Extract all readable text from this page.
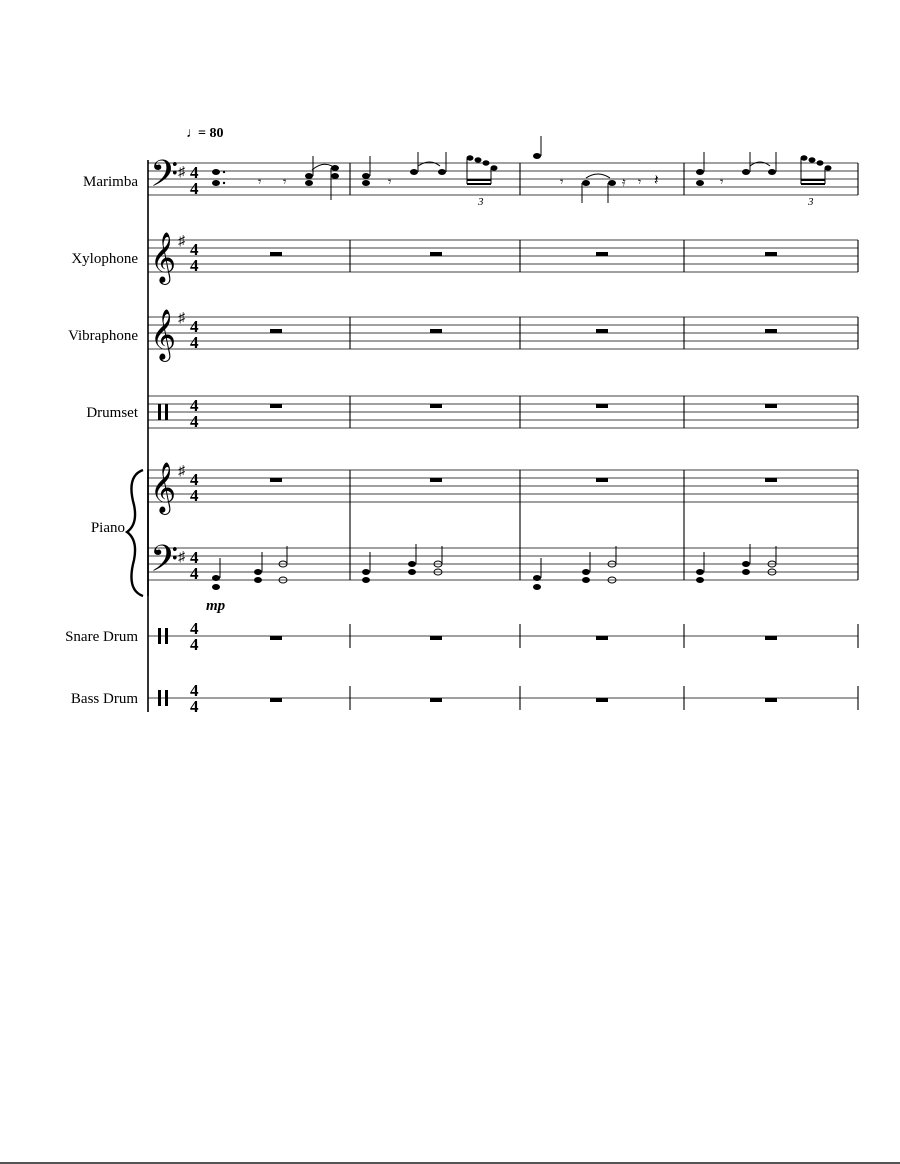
♩
= 80
Marimba
Xylophone
Vibraphone
Drumset
Piano
Snare Drum
Bass Drum
𝄢 ♯ 4
4	𝄾 𝄾	𝄾
3
𝄾	𝄿 𝄾 𝄽	𝄾
3
𝄞 ♯ 4
4
𝄞 ♯ 4
4
4
4
𝄞 ♯ 4
4
𝄢 ♯ 4
4
mp
4
4
4
4
